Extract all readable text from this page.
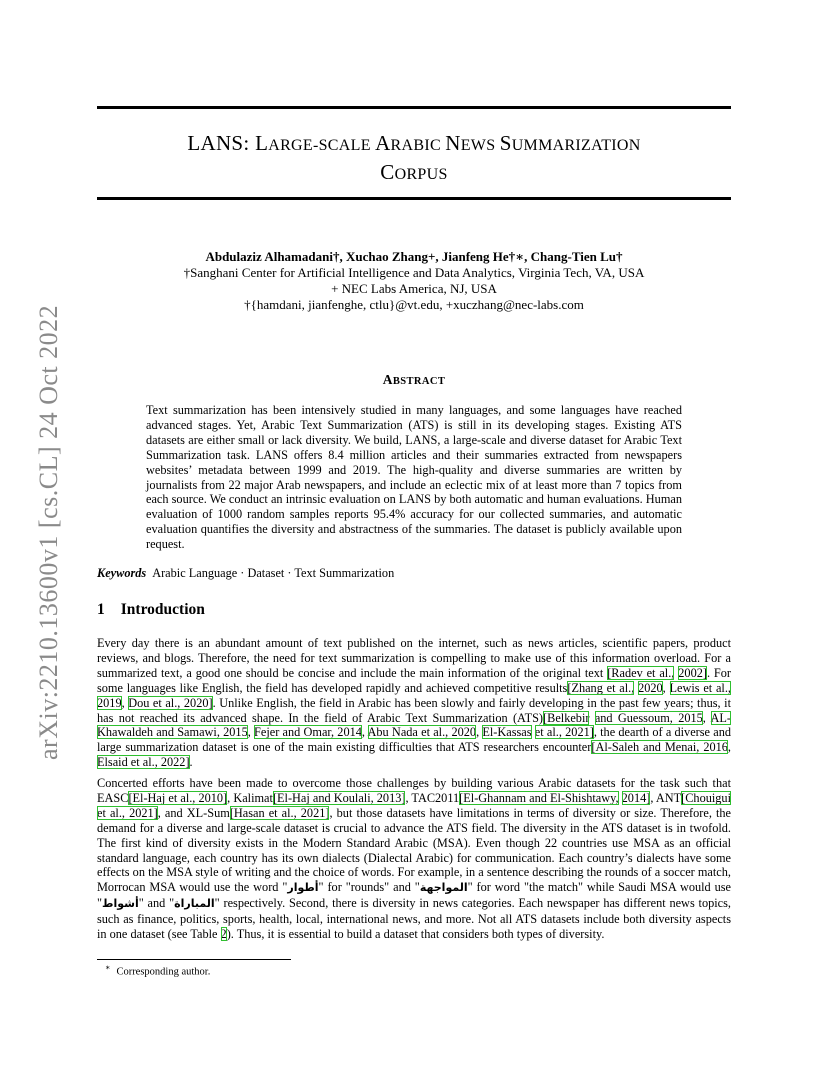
arXiv:2210.13600v1 [cs.CL] 24 Oct 2022
LANS: LARGE-SCALE ARABIC NEWS SUMMARIZATION
CORPUS
Abdulaziz Alhamadani†, Xuchao Zhang+, Jianfeng He†∗, Chang-Tien Lu†
†Sanghani Center for Artificial Intelligence and Data Analytics, Virginia Tech, VA, USA
+ NEC Labs America, NJ, USA
†{hamdani, jianfenghe, ctlu}@vt.edu, +xuczhang@nec-labs.com
ABSTRACT
Text summarization has been intensively studied in many languages, and some languages have reached advanced stages. Yet, Arabic Text Summarization (ATS) is still in its developing stages. Existing ATS datasets are either small or lack diversity. We build, LANS, a large-scale and diverse dataset for Arabic Text Summarization task. LANS offers 8.4 million articles and their summaries extracted from newspapers websites’ metadata between 1999 and 2019. The high-quality and diverse summaries are written by journalists from 22 major Arab newspapers, and include an eclectic mix of at least more than 7 topics from each source. We conduct an intrinsic evaluation on LANS by both automatic and human evaluations. Human evaluation of 1000 random samples reports 95.4% accuracy for our collected summaries, and automatic evaluation quantifies the diversity and abstractness of the summaries. The dataset is publicly available upon request.
Keywords Arabic Language · Dataset · Text Summarization
1 Introduction
Every day there is an abundant amount of text published on the internet, such as news articles, scientific papers, product reviews, and blogs. Therefore, the need for text summarization is compelling to make use of this information overload. For a summarized text, a good one should be concise and include the main information of the original text [Radev et al., 2002]. For some languages like English, the field has developed rapidly and achieved competitive results[Zhang et al., 2020, Lewis et al., 2019, Dou et al., 2020]. Unlike English, the field in Arabic has been slowly and fairly developing in the past few years; thus, it has not reached its advanced shape. In the field of Arabic Text Summarization (ATS)[Belkebir and Guessoum, 2015, AL-Khawaldeh and Samawi, 2015, Fejer and Omar, 2014, Abu Nada et al., 2020, El-Kassas et al., 2021], the dearth of a diverse and large summarization dataset is one of the main existing difficulties that ATS researchers encounter[Al-Saleh and Menai, 2016, Elsaid et al., 2022].
Concerted efforts have been made to overcome those challenges by building various Arabic datasets for the task such that EASC[El-Haj et al., 2010], Kalimat[El-Haj and Koulali, 2013], TAC2011[El-Ghannam and El-Shishtawy, 2014], ANT[Chouigui et al., 2021], and XL-Sum[Hasan et al., 2021], but those datasets have limitations in terms of diversity or size. Therefore, the demand for a diverse and large-scale dataset is crucial to advance the ATS field. The diversity in the ATS dataset is in twofold. The first kind of diversity exists in the Modern Standard Arabic (MSA). Even though 22 countries use MSA as an official standard language, each country has its own dialects (Dialectal Arabic) for communication. Each country’s dialects have some effects on the MSA style of writing and the choice of words. For example, in a sentence describing the rounds of a soccer match, Morrocan MSA would use the word "أطوار" for "rounds" and "المواجهة" for word "the match" while Saudi MSA would use "أشواط" and "المباراة" respectively. Second, there is diversity in news categories. Each newspaper has different news topics, such as finance, politics, sports, health, local, international news, and more. Not all ATS datasets include both diversity aspects in one dataset (see Table 2). Thus, it is essential to build a dataset that considers both types of diversity.
∗ Corresponding author.
